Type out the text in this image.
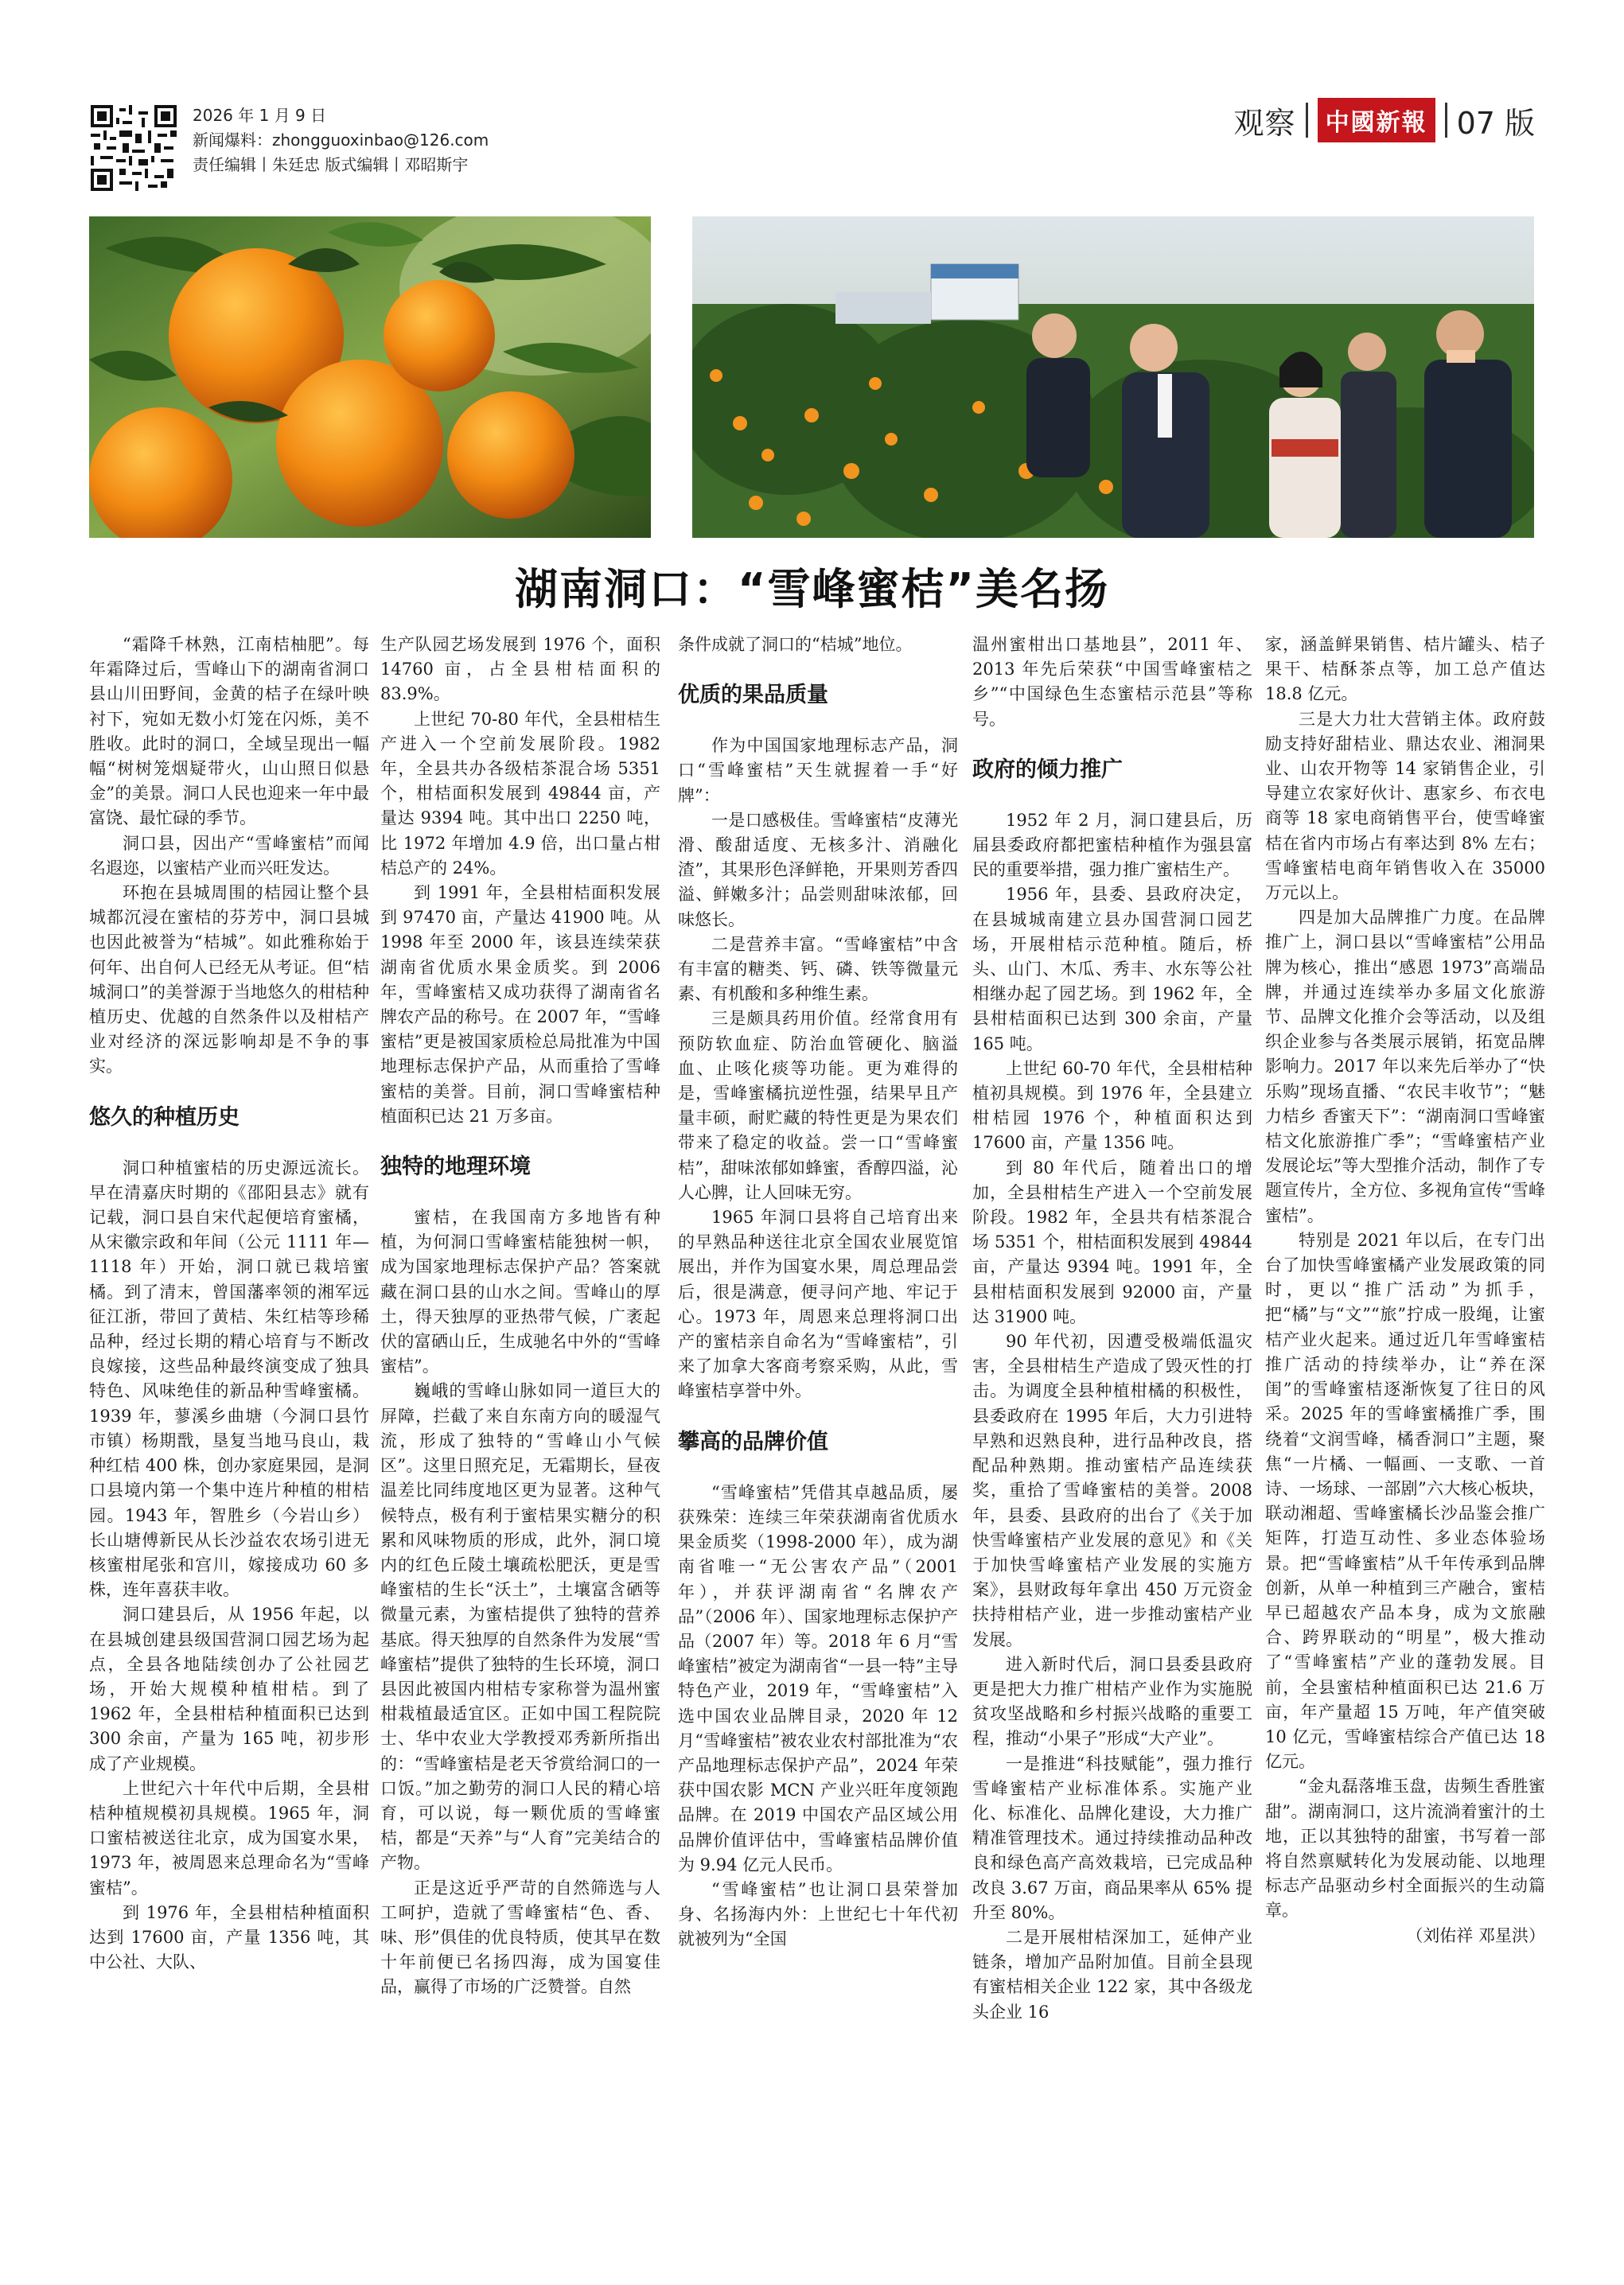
2026 年 1 月 9 日
新闻爆料：zhongguoxinbao@126.com
责任编辑丨朱廷忠 版式编辑丨邓昭斯宇
观察	中國新報 07 版
湖南洞口：“雪峰蜜桔”美名扬

“霜降千林熟，江南桔柚肥”。每年霜降过后，雪峰山下的湖南省洞口县山川田野间，金黄的桔子在绿叶映衬下，宛如无数小灯笼在闪烁，美不胜收。此时的洞口，全域呈现出一幅幅“树树笼烟疑带火，山山照日似悬金”的美景。洞口人民也迎来一年中最富饶、最忙碌的季节。

洞口县，因出产“雪峰蜜桔”而闻名遐迩，以蜜桔产业而兴旺发达。

环抱在县城周围的桔园让整个县城都沉浸在蜜桔的芬芳中，洞口县城也因此被誉为“桔城”。如此雅称始于何年、出自何人已经无从考证。但“桔城洞口”的美誉源于当地悠久的柑桔种植历史、优越的自然条件以及柑桔产业对经济的深远影响却是不争的事实。

悠久的种植历史

洞口种植蜜桔的历史源远流长。早在清嘉庆时期的《邵阳县志》就有记载，洞口县自宋代起便培育蜜橘，从宋徽宗政和年间（公元 1111 年—1118 年）开始，洞口就已栽培蜜橘。到了清末，曾国藩率领的湘军远征江浙，带回了黄桔、朱红桔等珍稀品种，经过长期的精心培育与不断改良嫁接，这些品种最终演变成了独具特色、风味绝佳的新品种雪峰蜜橘。1939 年，蓼溪乡曲塘（今洞口县竹市镇）杨期戬，垦复当地马良山，栽种红桔 400 株，创办家庭果园，是洞口县境内第一个集中连片种植的柑桔园。1943 年，智胜乡（今岩山乡）长山塘傅新民从长沙益农农场引进无核蜜柑尾张和宫川，嫁接成功 60 多株，连年喜获丰收。

洞口建县后，从 1956 年起，以在县城创建县级国营洞口园艺场为起点，全县各地陆续创办了公社园艺场，开始大规模种植柑桔。到了 1962 年，全县柑桔种植面积已达到 300 余亩，产量为 165 吨，初步形成了产业规模。

上世纪六十年代中后期，全县柑桔种植规模初具规模。1965 年，洞口蜜桔被送往北京，成为国宴水果，1973 年，被周恩来总理命名为“雪峰蜜桔”。

到 1976 年，全县柑桔种植面积达到 17600 亩，产量 1356 吨，其中公社、大队、

生产队园艺场发展到 1976 个，面积 14760 亩，占全县柑桔面积的 83.9%。

上世纪 70-80 年代，全县柑桔生产进入一个空前发展阶段。1982 年，全县共办各级桔茶混合场 5351 个，柑桔面积发展到 49844 亩，产量达 9394 吨。其中出口 2250 吨，比 1972 年增加 4.9 倍，出口量占柑桔总产的 24%。

到 1991 年，全县柑桔面积发展到 97470 亩，产量达 41900 吨。从 1998 年至 2000 年，该县连续荣获湖南省优质水果金质奖。到 2006 年，雪峰蜜桔又成功获得了湖南省名牌农产品的称号。在 2007 年，“雪峰蜜桔”更是被国家质检总局批准为中国地理标志保护产品，从而重拾了雪峰蜜桔的美誉。目前，洞口雪峰蜜桔种植面积已达 21 万多亩。

独特的地理环境

蜜桔，在我国南方多地皆有种植，为何洞口雪峰蜜桔能独树一帜，成为国家地理标志保护产品？答案就藏在洞口县的山水之间。雪峰山的厚土，得天独厚的亚热带气候，广袤起伏的富硒山丘，生成驰名中外的“雪峰蜜桔”。

巍峨的雪峰山脉如同一道巨大的屏障，拦截了来自东南方向的暖湿气流，形成了独特的“雪峰山小气候区”。这里日照充足，无霜期长，昼夜温差比同纬度地区更为显著。这种气候特点，极有利于蜜桔果实糖分的积累和风味物质的形成，此外，洞口境内的红色丘陵土壤疏松肥沃，更是雪峰蜜桔的生长“沃土”，土壤富含硒等微量元素，为蜜桔提供了独特的营养基底。得天独厚的自然条件为发展“雪峰蜜桔”提供了独特的生长环境，洞口县因此被国内柑桔专家称誉为温州蜜柑栽植最适宜区。正如中国工程院院士、华中农业大学教授邓秀新所指出的：“雪峰蜜桔是老天爷赏给洞口的一口饭。”加之勤劳的洞口人民的精心培育，可以说，每一颗优质的雪峰蜜桔，都是“天养”与“人育”完美结合的产物。

正是这近乎严苛的自然筛选与人工呵护，造就了雪峰蜜桔“色、香、味、形”俱佳的优良特质，使其早在数十年前便已名扬四海，成为国宴佳品，赢得了市场的广泛赞誉。自然

条件成就了洞口的“桔城”地位。

优质的果品质量

作为中国国家地理标志产品，洞口“雪峰蜜桔”天生就握着一手“好牌”：

一是口感极佳。雪峰蜜桔“皮薄光滑、酸甜适度、无核多汁、消融化渣”，其果形色泽鲜艳，开果则芳香四溢、鲜嫩多汁；品尝则甜味浓郁，回味悠长。

二是营养丰富。“雪峰蜜桔”中含有丰富的糖类、钙、磷、铁等微量元素、有机酸和多种维生素。

三是颇具药用价值。经常食用有预防软血症、防治血管硬化、脑溢血、止咳化痰等功能。更为难得的是，雪峰蜜橘抗逆性强，结果早且产量丰硕，耐贮藏的特性更是为果农们带来了稳定的收益。尝一口“雪峰蜜桔”，甜味浓郁如蜂蜜，香醇四溢，沁人心脾，让人回味无穷。

1965 年洞口县将自己培育出来的早熟品种送往北京全国农业展览馆展出，并作为国宴水果，周总理品尝后，很是满意，便寻问产地、牢记于心。1973 年，周恩来总理将洞口出产的蜜桔亲自命名为“雪峰蜜桔”，引来了加拿大客商考察采购，从此，雪峰蜜桔享誉中外。

攀高的品牌价值

“雪峰蜜桔”凭借其卓越品质，屡获殊荣：连续三年荣获湖南省优质水果金质奖（1998-2000 年），成为湖南省唯一“无公害农产品”（2001 年），并获评湖南省“名牌农产品”（2006 年）、国家地理标志保护产品（2007 年）等。2018 年 6 月“雪峰蜜桔”被定为湖南省“一县一特”主导特色产业，2019 年，“雪峰蜜桔”入选中国农业品牌目录，2020 年 12 月“雪峰蜜桔”被农业农村部批准为“农产品地理标志保护产品”，2024 年荣获中国农影 MCN 产业兴旺年度领跑品牌。在 2019 中国农产品区域公用品牌价值评估中，雪峰蜜桔品牌价值为 9.94 亿元人民币。

“雪峰蜜桔”也让洞口县荣誉加身、名扬海内外：上世纪七十年代初就被列为“全国

温州蜜柑出口基地县”，2011 年、2013 年先后荣获“中国雪峰蜜桔之乡”“中国绿色生态蜜桔示范县”等称号。

政府的倾力推广

1952 年 2 月，洞口建县后，历届县委政府都把蜜桔种植作为强县富民的重要举措，强力推广蜜桔生产。

1956 年，县委、县政府决定，在县城城南建立县办国营洞口园艺场，开展柑桔示范种植。随后，桥头、山门、木瓜、秀丰、水东等公社相继办起了园艺场。到 1962 年，全县柑桔面积已达到 300 余亩，产量 165 吨。

上世纪 60-70 年代，全县柑桔种植初具规模。到 1976 年，全县建立柑桔园 1976 个，种植面积达到 17600 亩，产量 1356 吨。

到 80 年代后，随着出口的增加，全县柑桔生产进入一个空前发展阶段。1982 年，全县共有桔茶混合场 5351 个，柑桔面积发展到 49844 亩，产量达 9394 吨。1991 年，全县柑桔面积发展到 92000 亩，产量达 31900 吨。

90 年代初，因遭受极端低温灾害，全县柑桔生产造成了毁灭性的打击。为调度全县种植柑橘的积极性，县委政府在 1995 年后，大力引进特早熟和迟熟良种，进行品种改良，搭配品种熟期。推动蜜桔产品连续获奖，重拾了雪峰蜜桔的美誉。2008 年，县委、县政府的出台了《关于加快雪峰蜜桔产业发展的意见》和《关于加快雪峰蜜桔产业发展的实施方案》，县财政每年拿出 450 万元资金扶持柑桔产业，进一步推动蜜桔产业发展。

进入新时代后，洞口县委县政府更是把大力推广柑桔产业作为实施脱贫攻坚战略和乡村振兴战略的重要工程，推动“小果子”形成“大产业”。

一是推进“科技赋能”，强力推行雪峰蜜桔产业标准体系。实施产业化、标准化、品牌化建设，大力推广精准管理技术。通过持续推动品种改良和绿色高产高效栽培，已完成品种改良 3.67 万亩，商品果率从 65% 提升至 80%。

二是开展柑桔深加工，延伸产业链条，增加产品附加值。目前全县现有蜜桔相关企业 122 家，其中各级龙头企业 16

家，涵盖鲜果销售、桔片罐头、桔子果干、桔酥茶点等，加工总产值达 18.8 亿元。

三是大力壮大营销主体。政府鼓励支持好甜桔业、鼎达农业、湘洞果业、山农开物等 14 家销售企业，引导建立农家好伙计、惠家乡、布衣电商等 18 家电商销售平台，使雪峰蜜桔在省内市场占有率达到 8% 左右；雪峰蜜桔电商年销售收入在 35000 万元以上。

四是加大品牌推广力度。在品牌推广上，洞口县以“雪峰蜜桔”公用品牌为核心，推出“感恩 1973”高端品牌，并通过连续举办多届文化旅游节、品牌文化推介会等活动，以及组织企业参与各类展示展销，拓宽品牌影响力。2017 年以来先后举办了“快乐购”现场直播、“农民丰收节”；“魅力桔乡 香蜜天下”：“湖南洞口雪峰蜜桔文化旅游推广季”；“雪峰蜜桔产业发展论坛”等大型推介活动，制作了专题宣传片，全方位、多视角宣传“雪峰蜜桔”。

特别是 2021 年以后，在专门出台了加快雪峰蜜橘产业发展政策的同时，更以“推广活动”为抓手，把“橘”与“文”“旅”拧成一股绳，让蜜桔产业火起来。通过近几年雪峰蜜桔推广活动的持续举办，让“养在深闺”的雪峰蜜桔逐渐恢复了往日的风采。2025 年的雪峰蜜橘推广季，围绕着“文润雪峰，橘香洞口”主题，聚焦“一片橘、一幅画、一支歌、一首诗、一场球、一部剧”六大核心板块，联动湘超、雪峰蜜橘长沙品鉴会推广矩阵，打造互动性、多业态体验场景。把“雪峰蜜桔”从千年传承到品牌创新，从单一种植到三产融合，蜜桔早已超越农产品本身，成为文旅融合、跨界联动的“明星”，极大推动了“雪峰蜜桔”产业的蓬勃发展。目前，全县蜜桔种植面积已达 21.6 万亩，年产量超 15 万吨，年产值突破 10 亿元，雪峰蜜桔综合产值已达 18 亿元。

“金丸磊落堆玉盘，齿频生香胜蜜甜”。湖南洞口，这片流淌着蜜汁的土地，正以其独特的甜蜜，书写着一部将自然禀赋转化为发展动能、以地理标志产品驱动乡村全面振兴的生动篇章。

（刘佑祥 邓星洪）
